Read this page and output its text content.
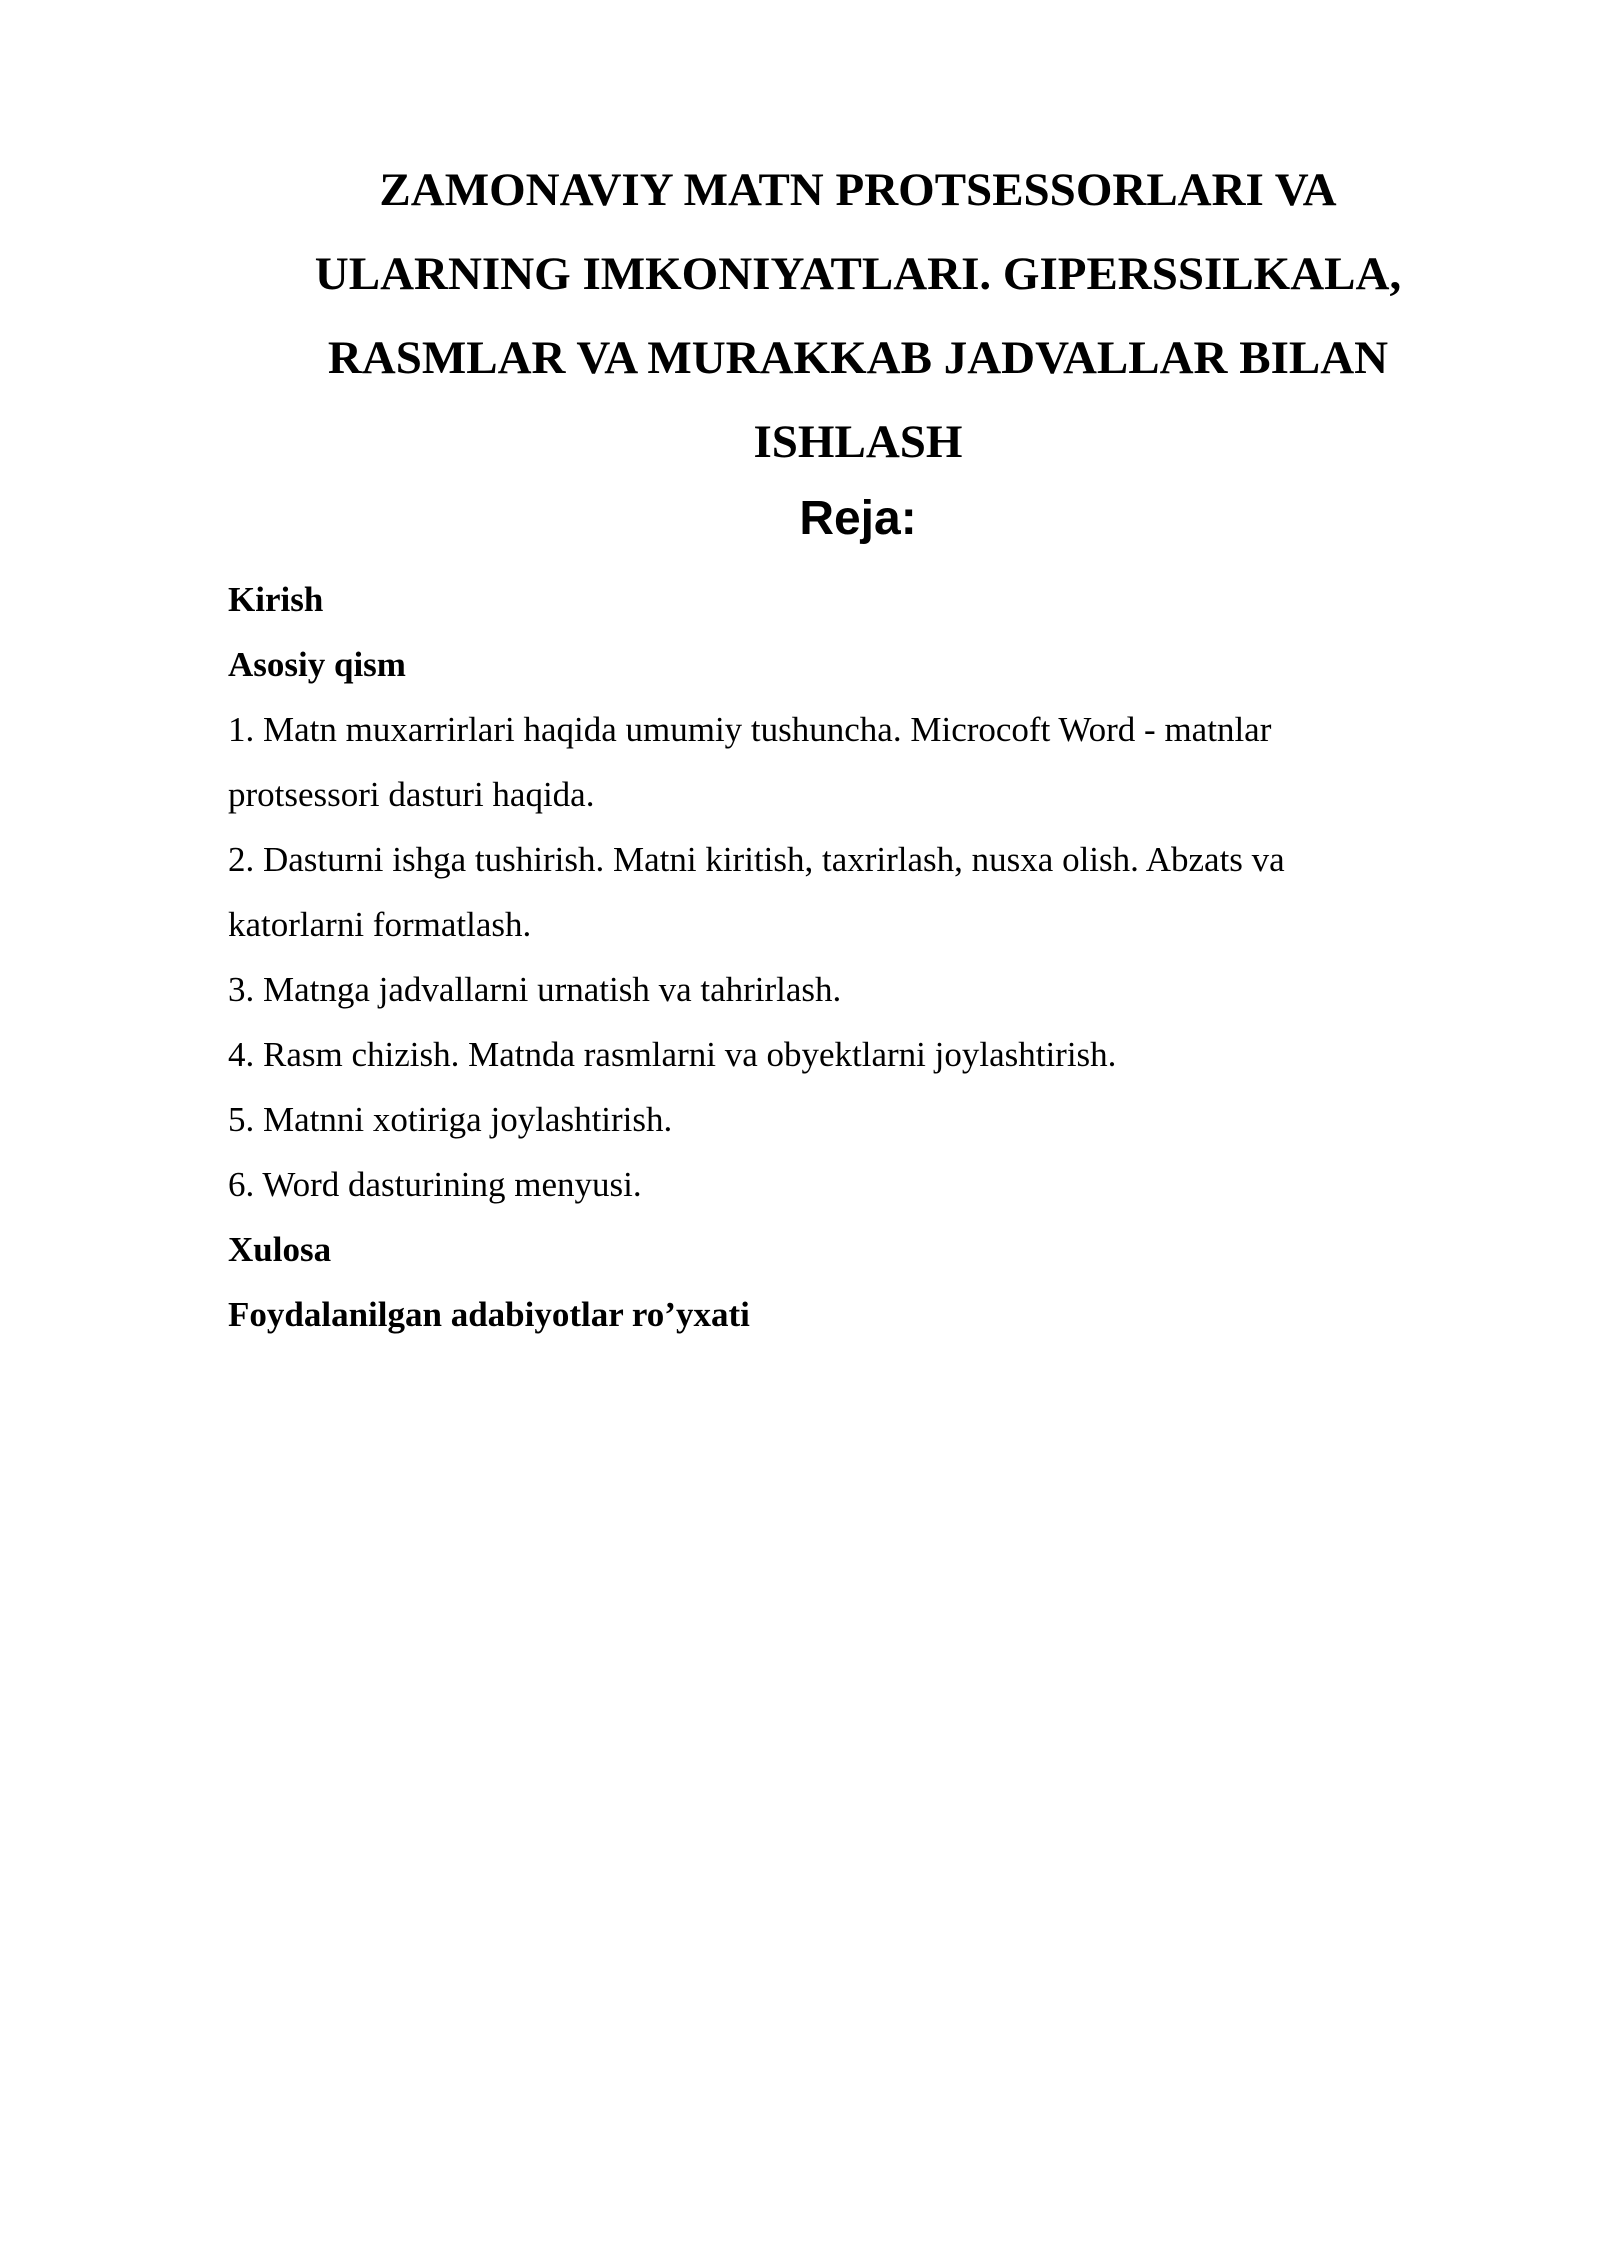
ZAMONAVIY MATN PROTSESSORLARI VA
ULARNING IMKONIYATLARI. GIPERSSILKALA,
RASMLAR VA MURAKKAB JADVALLAR BILAN
ISHLASH
Reja:
Kirish
Asosiy qism
1. Matn muxarrirlari haqida umumiy tushuncha. Microcoft Word - matnlar
protsessori dasturi haqida.
2. Dasturni ishga tushirish. Matni kiritish, taxrirlash, nusxa olish. Abzats va
katorlarni formatlash.
3. Matnga jadvallarni urnatish va tahrirlash.
4. Rasm chizish. Matnda rasmlarni va obyektlarni joylashtirish.
5. Matnni xotiriga joylashtirish.
6. Word dasturining menyusi.
Xulosa
Foydalanilgan adabiyotlar ro’yxati
